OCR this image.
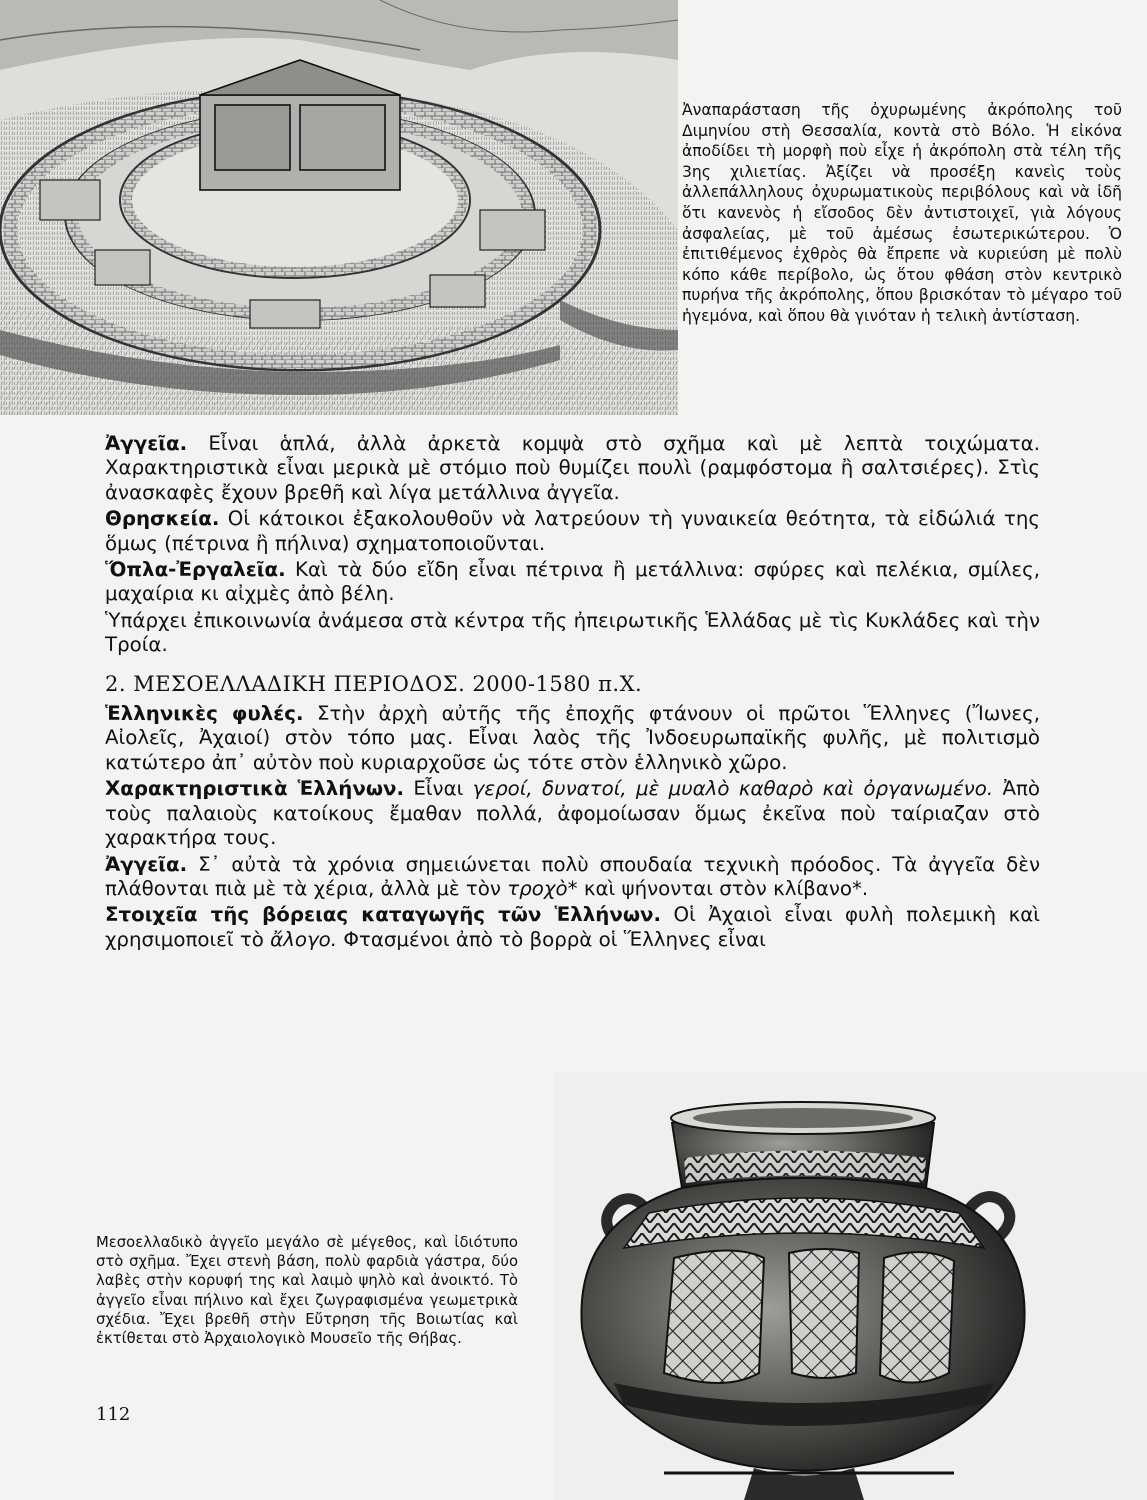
Ἀναπαράσταση τῆς ὀχυρωμένης ἀκρόπολης τοῦ Διμηνίου στὴ Θεσσαλία, κοντὰ στὸ Βόλο. Ἡ εἰκόνα ἀποδίδει τὴ μορφὴ ποὺ εἶχε ἡ ἀκρόπολη στὰ τέλη τῆς 3ης χιλιετίας. Ἀξίζει νὰ προσέξη κανεὶς τοὺς ἀλλεπάλληλους ὀχυρωματικοὺς περιβόλους καὶ νὰ ἰδῆ ὅτι κανενὸς ἡ εἴσοδος δὲν ἀντιστοιχεῖ, γιὰ λόγους ἀσφαλείας, μὲ τοῦ ἀμέσως ἐσωτερικώτερου. Ὁ ἐπιτιθέμενος ἐχθρὸς θὰ ἔπρεπε νὰ κυριεύση μὲ πολὺ κόπο κάθε περίβολο, ὡς ὅτου φθάση στὸν κεντρικὸ πυρήνα τῆς ἀκρόπολης, ὅπου βρισκόταν τὸ μέγαρο τοῦ ἡγεμόνα, καὶ ὅπου θὰ γινόταν ἡ τελικὴ ἀντίσταση.

Ἀγγεῖα. Εἶναι ἁπλά, ἀλλὰ ἀρκετὰ κομψὰ στὸ σχῆμα καὶ μὲ λεπτὰ τοιχώματα. Χαρακτηριστικὰ εἶναι μερικὰ μὲ στόμιο ποὺ θυμίζει πουλὶ (ραμφόστομα ἢ σαλτσιέρες). Στὶς ἀνασκαφὲς ἔχουν βρεθῆ καὶ λίγα μετάλλινα ἀγγεῖα.

Θρησκεία. Οἱ κάτοικοι ἐξακολουθοῦν νὰ λατρεύουν τὴ γυναικεία θεότητα, τὰ εἰδώλιά της ὅμως (πέτρινα ἢ πήλινα) σχηματοποιοῦνται.

Ὅπλα-Ἐργαλεῖα. Καὶ τὰ δύο εἴδη εἶναι πέτρινα ἢ μετάλλινα: σφύρες καὶ πελέκια, σμίλες, μαχαίρια κι αἰχμὲς ἀπὸ βέλη.

Ὑπάρχει ἐπικοινωνία ἀνάμεσα στὰ κέντρα τῆς ἠπειρωτικῆς Ἑλλάδας μὲ τὶς Κυκλάδες καὶ τὴν Τροία.

2. ΜΕΣΟΕΛΛΑΔΙΚΗ ΠΕΡΙΟΔΟΣ. 2000-1580 π.Χ.

Ἑλληνικὲς φυλές. Στὴν ἀρχὴ αὐτῆς τῆς ἐποχῆς φτάνουν οἱ πρῶτοι Ἕλληνες (Ἴωνες, Αἰολεῖς, Ἀχαιοί) στὸν τόπο μας. Εἶναι λαὸς τῆς Ἰνδοευρωπαϊκῆς φυλῆς, μὲ πολιτισμὸ κατώτερο ἀπ᾿ αὐτὸν ποὺ κυριαρχοῦσε ὡς τότε στὸν ἑλληνικὸ χῶρο.

Χαρακτηριστικὰ Ἑλλήνων. Εἶναι γεροί, δυνατοί, μὲ μυαλὸ καθαρὸ καὶ ὀργανωμένο. Ἀπὸ τοὺς παλαιοὺς κατοίκους ἔμαθαν πολλά, ἀφομοίωσαν ὅμως ἐκεῖνα ποὺ ταίριαζαν στὸ χαρακτήρα τους.

Ἀγγεῖα. Σ᾿ αὐτὰ τὰ χρόνια σημειώνεται πολὺ σπουδαία τεχνικὴ πρόοδος. Τὰ ἀγγεῖα δὲν πλάθονται πιὰ μὲ τὰ χέρια, ἀλλὰ μὲ τὸν τροχὸ* καὶ ψήνονται στὸν κλίβανο*.

Στοιχεῖα τῆς βόρειας καταγωγῆς τῶν Ἑλλήνων. Οἱ Ἀχαιοὶ εἶναι φυλὴ πολεμικὴ καὶ χρησιμοποιεῖ τὸ ἄλογο. Φτασμένοι ἀπὸ τὸ βορρὰ οἱ Ἕλληνες εἶναι

Μεσοελλαδικὸ ἀγγεῖο μεγάλο σὲ μέγεθος, καὶ ἰδιότυπο στὸ σχῆμα. Ἔχει στενὴ βάση, πολὺ φαρδιὰ γάστρα, δύο λαβὲς στὴν κορυφή της καὶ λαιμὸ ψηλὸ καὶ ἀνοικτό. Τὸ ἀγγεῖο εἶναι πήλινο καὶ ἔχει ζωγραφισμένα γεωμετρικὰ σχέδια. Ἔχει βρεθῆ στὴν Εὔτρηση τῆς Βοιωτίας καὶ ἐκτίθεται στὸ Ἀρχαιολογικὸ Μουσεῖο τῆς Θήβας.
112
